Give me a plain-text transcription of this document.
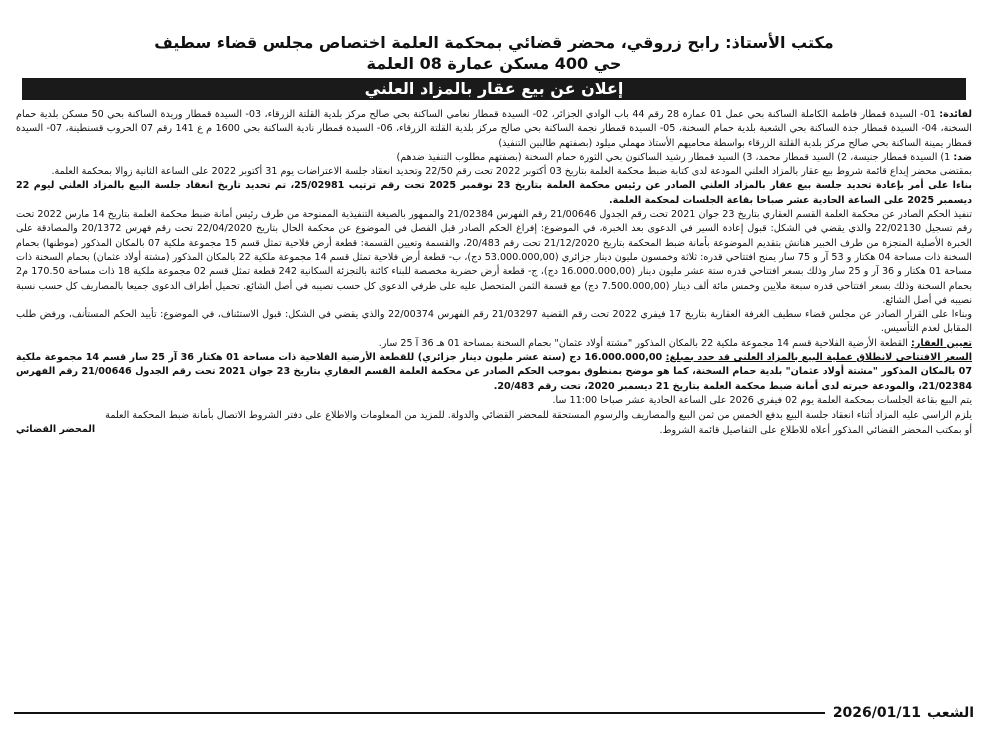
مكتب الأستاذ: رابح زروقي، محضر قضائي بمحكمة العلمة اختصاص مجلس قضاء سطيف

حي 400 مسكن عمارة 08 العلمة

إعلان عن بيع عقار بالمزاد العلني

لفائدة: 01- السيدة قمطار فاطمة الكاملة الساكنة بحي عمل 01 عمارة 28 رقم 44 باب الوادي الجزائر، 02- السيدة قمطار نعامي الساكنة بحي صالح مركز بلدية القلتة الزرقاء، 03- السيدة قمطار وريدة الساكنة بحي 50 مسكن بلدية حمام السخنة، 04- السيدة قمطار جدة الساكنة بحي الشعبة بلدية حمام السخنة، 05- السيدة قمطار نجمة الساكنة بحي صالح مركز بلدية القلتة الزرقاء، 06- السيدة قمطار نادية الساكنة بحي 1600 م ع 141 رقم 07 الحروب قسنطينة، 07- السيدة قمطار يمينة الساكنة بحي صالح مركز بلدية القلتة الزرقاء بواسطة محاميهم الأستاذ مهملي ميلود (بصفتهم طالبين التنفيذ)

ضد: 1) السيدة قمطار جنيسة، 2) السيد قمطار محمد، 3) السيد قمطار رشيد الساكنون بحي الثورة حمام السخنة (بصفتهم مطلوب التنفيذ ضدهم)

بمقتضى محضر إيداع قائمة شروط بيع عقار بالمزاد العلني المودعة لدى كتابة ضبط محكمة العلمة بتاريخ 03 أكتوبر 2022 تحت رقم 22/50 وتحديد انعقاد جلسة الاعتراضات يوم 31 أكتوبر 2022 على الساعة الثانية زوالا بمحكمة العلمة.

بناءا على أمر بإعادة تحديد جلسة بيع عقار بالمزاد العلني الصادر عن رئيس محكمة العلمة بتاريخ 23 نوفمبر 2025 تحت رقم ترتيب 25/02981، تم تحديد تاريخ انعقاد جلسة البيع بالمزاد العلني ليوم 22 ديسمبر 2025 على الساعة الحادية عشر صباحا بقاعة الجلسات لمحكمة العلمة.

تنفيذ الحكم الصادر عن محكمة العلمة القسم العقاري بتاريخ 23 جوان 2021 تحت رقم الجدول 21/00646 رقم الفهرس 21/02384 والممهور بالصيغة التنفيذية الممنوحة من طرف رئيس أمانة ضبط محكمة العلمة بتاريخ 14 مارس 2022 تحت رقم تسجيل 22/02130 والذي يقضي في الشكل: قبول إعادة السير في الدعوى بعد الخبرة، في الموضوع: إفراغ الحكم الصادر قبل الفصل في الموضوع عن محكمة الحال بتاريخ 22/04/2020 تحت رقم فهرس 20/1372 والمصادقة على الخبرة الأصلية المنجزة من طرف الخبير هنانش بتقديم الموضوعة بأمانة ضبط المحكمة بتاريخ 21/12/2020 تحت رقم 20/483، والقسمة وتعيين القسمة: قطعة أرض فلاحية تمثل قسم 15 مجموعة ملكية 07 بالمكان المذكور (موطنها) بحمام السخنة ذات مساحة 04 هكتار و 53 آر و 75 سار يمنح افتتاحي قدره: ثلاثة وخمسون مليون دينار جزائري (53.000.000,00 دج)، ب- قطعة أرض فلاحية تمثل قسم 14 مجموعة ملكية 22 بالمكان المذكور (مشتة أولاد عثمان) بحمام السخنة ذات مساحة 01 هكتار و 36 آر و 25 سار وذلك بسعر افتتاحي قدره ستة عشر مليون دينار (16.000.000,00 دج)، ج- قطعة أرض حضرية مخصصة للبناء كائنة بالتجزئة السكانية 242 قطعة تمثل قسم 02 مجموعة ملكية 18 ذات مساحة 170.50 م2 بحمام السخنة وذلك بسعر افتتاحي قدره سبعة ملايين وخمس مائة ألف دينار (7.500.000,00 دج) مع قسمة الثمن المتحصل عليه على طرفي الدعوى كل حسب نصيبه في أصل الشائع. تحميل أطراف الدعوى جميعا بالمصاريف كل حسب نسبة نصيبه في أصل الشائع.

وبناءا على القرار الصادر عن مجلس قضاء سطيف الغرفة العقارية بتاريخ 17 فيفري 2022 تحت رقم القضية 21/03297 رقم الفهرس 22/00374 والذي يقضي في الشكل: قبول الاستئناف، في الموضوع: تأييد الحكم المستأنف، ورفض طلب المقابل لعدم التأسيس.

تعيين العقار: القطعة الأرضية الفلاحية قسم 14 مجموعة ملكية 22 بالمكان المذكور "مشتة أولاد عثمان" بحمام السخنة بمساحة 01 هـ 36 آ 25 سار.

السعر الافتتاحي لانطلاق عملية البيع بالمزاد العلني قد حدد بمبلغ: 16.000.000,00 دج (ستة عشر مليون دينار جزائري) للقطعة الأرضية الفلاحية ذات مساحة 01 هكتار 36 آر 25 سار قسم 14 مجموعة ملكية 07 بالمكان المذكور "مشتة أولاد عثمان" بلدية حمام السخنة، كما هو موضح بمنطوق بموجب الحكم الصادر عن محكمة العلمة القسم العقاري بتاريخ 23 جوان 2021 تحت رقم الجدول 21/00646 رقم الفهرس 21/02384، والمودعة خبرته لدى أمانة ضبط محكمة العلمة بتاريخ 21 ديسمبر 2020، تحت رقم 20/483.

يتم البيع بقاعة الجلسات بمحكمة العلمة يوم 02 فيفري 2026 على الساعة الحادية عشر صباحا 11:00 سا.

يلزم الراسي عليه المزاد أثناء انعقاد جلسة البيع بدفع الخمس من ثمن البيع والمصاريف والرسوم المستحقة للمحضر القضائي والدولة. للمزيد من المعلومات والاطلاع على دفتر الشروط الاتصال بأمانة ضبط المحكمة العلمة أو بمكتب المحضر القضائي المذكور أعلاه للاطلاع على التفاصيل قائمة الشروط.

المحضر القضائي
الشعب
2026/01/11
